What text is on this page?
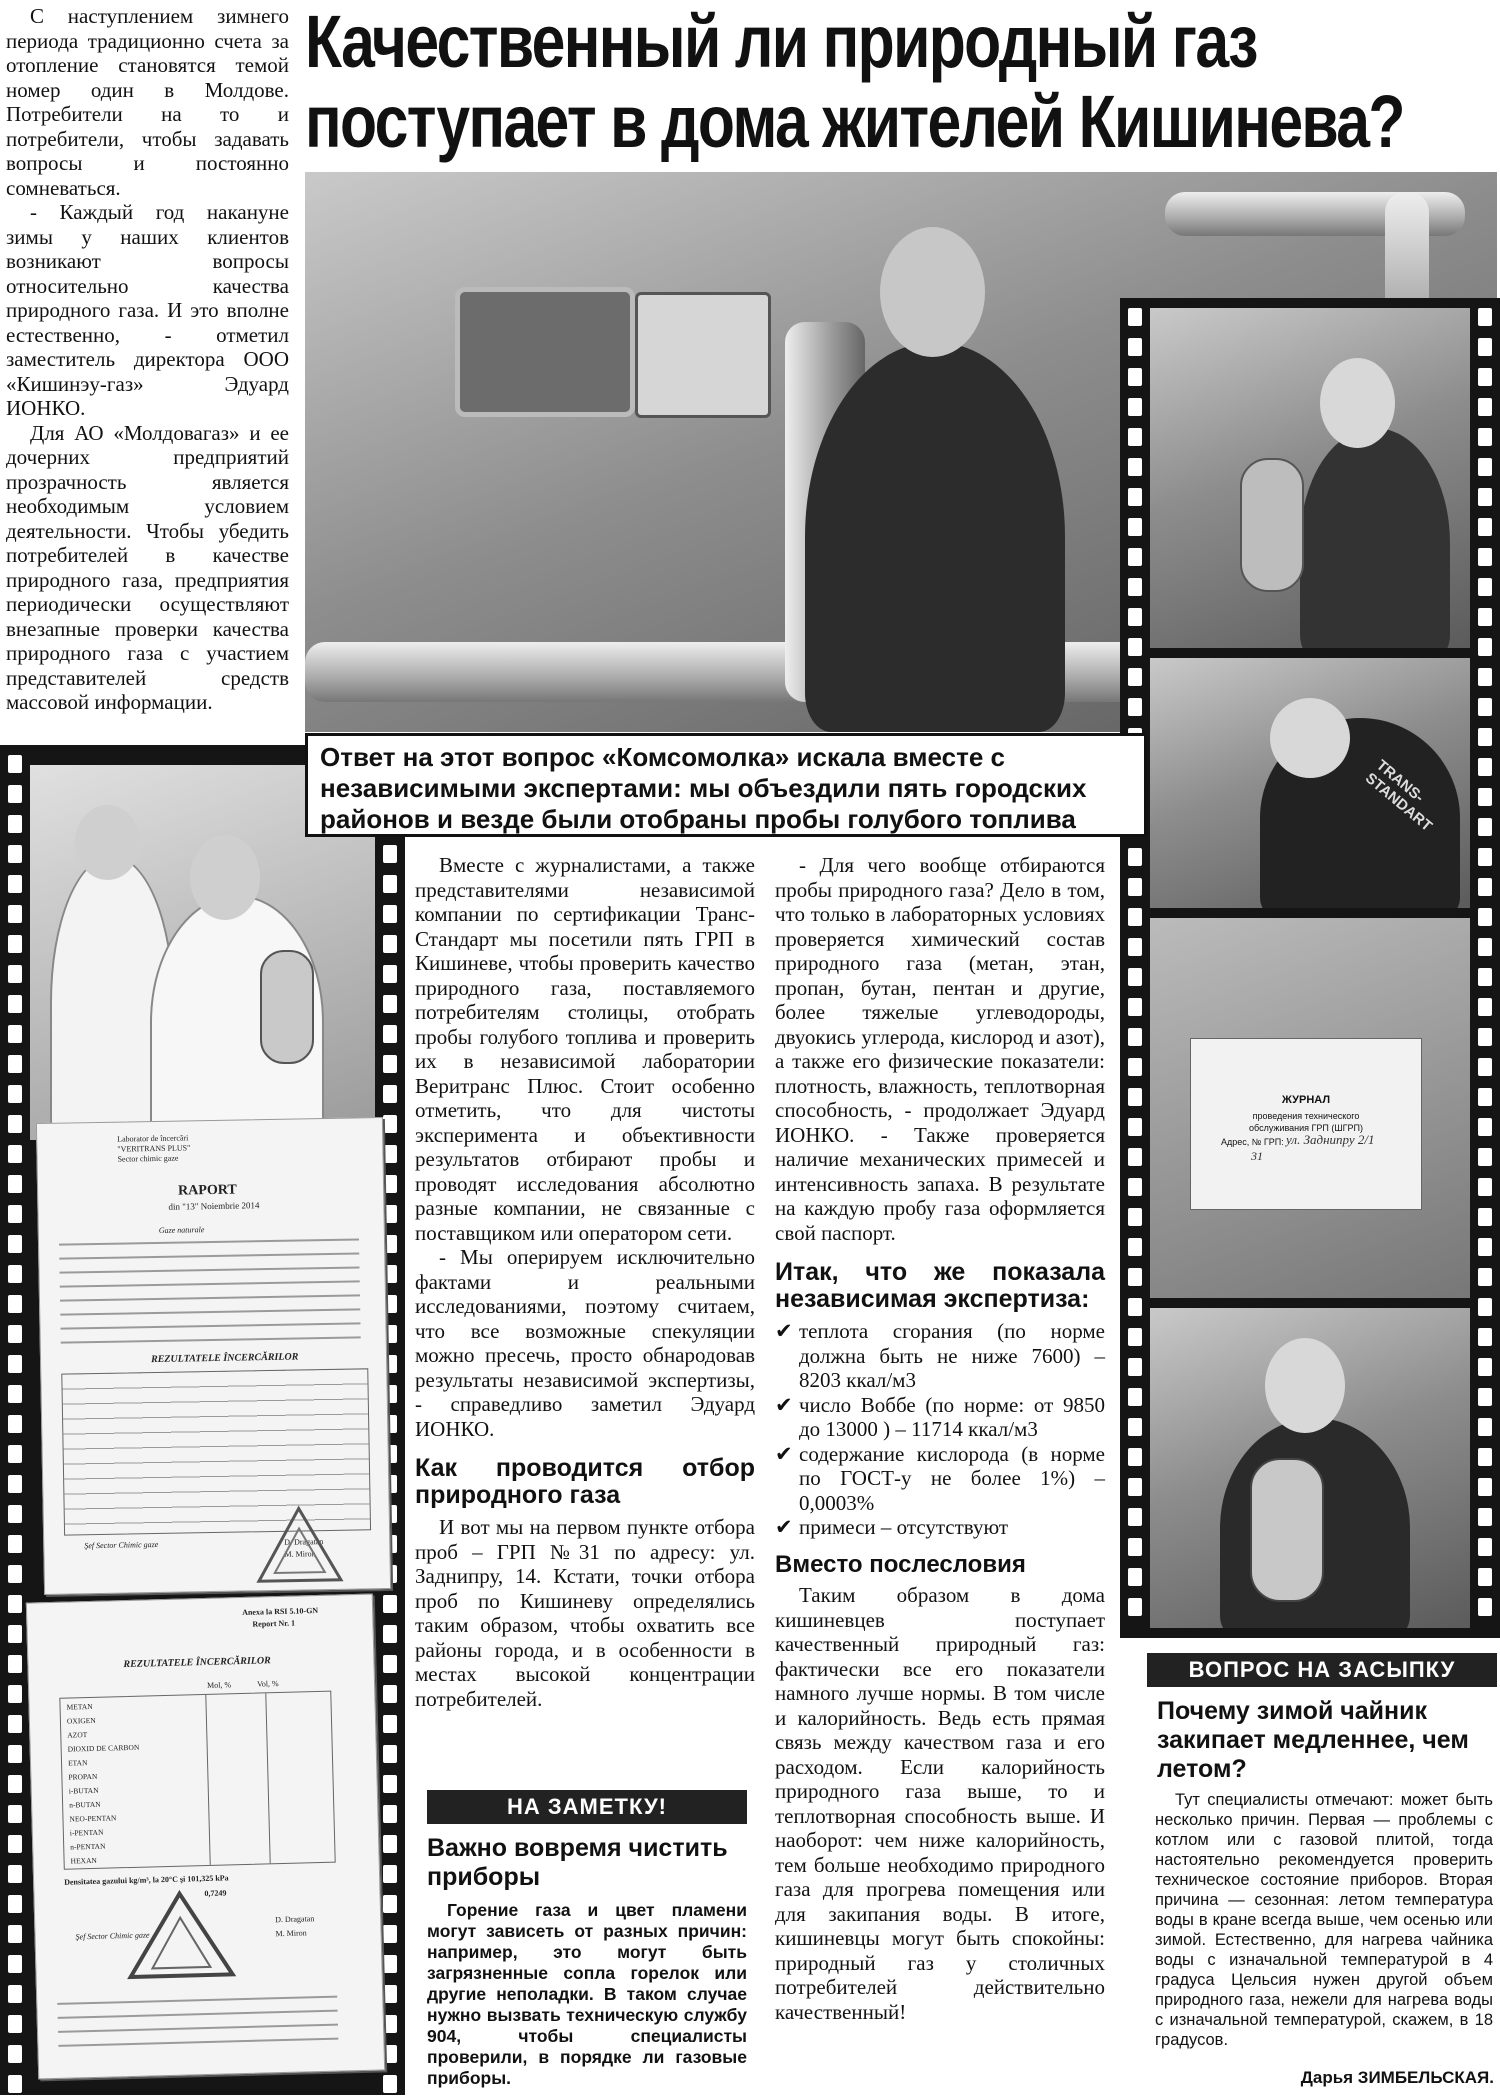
Качественный ли природный газ
поступает в дома жителей Кишинева?

С наступлением зимнего периода традиционно счета за отопление становятся темой номер один в Молдове. Потребители на то и потребители, чтобы задавать вопросы и постоянно сомневаться.

- Каждый год накануне зимы у наших клиентов возникают вопросы относительно качества природного газа. И это вполне естественно, - отметил заместитель директора ООО «Кишинэу-газ» Эдуард ИОНКО.

Для АО «Молдовагаз» и ее дочерних предприятий прозрачность является необходимым условием деятельности. Чтобы убедить потребителей в качестве природного газа, предприятия периодически осуществляют внезапные проверки качества природного газа с участием представителей средств массовой информации.

TRANS-STANDART
ЖУРНАЛ
проведения технического
обслуживания ГРП (ШГРП)
Адрес, № ГРП: ул. Заднипру 2/1
31
Laborator de încercări
"VERITRANS PLUS"
Sector chimic gaze
RAPORT
din "13" Noiembrie 2014
Gaze naturale
REZULTATELE ÎNCERCĂRILOR
Şef Sector Chimic gaze	D. Dragatan
M. Miron
Anexa la RSI 5.10-GN
Report Nr. 1
REZULTATELE ÎNCERCĂRILOR
Mol, %	Vol, %
METAN
OXIGEN
AZOT
DIOXID DE CARBON
ETAN
PROPAN
i-BUTAN
n-BUTAN
NEO-PENTAN
i-PENTAN
n-PENTAN
HEXAN
Densitatea gazului kg/m³, la 20°C şi 101,325 kPa
0,7249
Şef Sector Chimic gaze
D. Dragatan
M. Miron
Ответ на этот вопрос «Комсомолка» искала вместе с независимыми экспертами: мы объездили пять городских районов и везде были отобраны пробы голубого топлива

Вместе с журналистами, а также представителями независимой компании по сертификации Транс-Стандарт мы посетили пять ГРП в Кишиневе, чтобы проверить качество природного газа, поставляемого потребителям столицы, отобрать пробы голубого топлива и проверить их в независимой лаборатории Веритранс Плюс. Стоит особенно отметить, что для чистоты эксперимента и объективности результатов отбирают пробы и проводят исследования абсолютно разные компании, не связанные с поставщиком или оператором сети.

- Мы оперируем исключительно фактами и реальными исследованиями, поэтому считаем, что все возможные спекуляции можно пресечь, просто обнародовав результаты независимой экспертизы, - справедливо заметил Эдуард ИОНКО.

Как проводится отбор природного газа

И вот мы на первом пункте отбора проб – ГРП №31 по адресу: ул. Заднипру, 14. Кстати, точки отбора проб по Кишиневу определялись таким образом, чтобы охватить все районы города, и в особенности в местах высокой концентрации потребителей.

НА ЗАМЕТКУ!
Важно вовремя чистить приборы
Горение газа и цвет пламени могут зависеть от разных причин: например, это могут быть загрязненные сопла горелок или другие неполадки. В таком случае нужно вызвать техническую службу 904, чтобы специалисты проверили, в порядке ли газовые приборы.

- Для чего вообще отбираются пробы природного газа? Дело в том, что только в лабораторных условиях проверяется химический состав природного газа (метан, этан, пропан, бутан, пентан и другие, более тяжелые углеводороды, двуокись углерода, кислород и азот), а также его физические показатели: плотность, влажность, теплотворная способность, - продолжает Эдуард ИОНКО. - Также проверяется наличие механических примесей и интенсивность запаха. В результате на каждую пробу газа оформляется свой паспорт.

Итак, что же показала независимая экспертиза:
✔ теплота сгорания (по норме должна быть не ниже 7600) – 8203 ккал/м3
✔ число Воббе (по норме: от 9850 до 13000 ) – 11714 ккал/м3
✔ содержание кислорода (в норме по ГОСТ-у не более 1%) – 0,0003%
✔ примеси – отсутствуют
Вместо послесловия

Таким образом в дома кишиневцев поступает качественный природный газ: фактически все его показатели намного лучше нормы. В том числе и калорийность. Ведь есть прямая связь между качеством газа и его расходом. Если калорийность природного газа выше, то и теплотворная способность выше. И наоборот: чем ниже калорийность, тем больше необходимо природного газа для прогрева помещения или для закипания воды. В итоге, кишиневцы могут быть спокойны: природный газ у столичных потребителей действительно качественный!

ВОПРОС НА ЗАСЫПКУ
Почему зимой чайник закипает медленнее, чем летом?
Тут специалисты отмечают: может быть несколько причин. Первая — проблемы с котлом или с газовой плитой, тогда настоятельно рекомендуется проверить техническое состояние приборов. Вторая причина — сезонная: летом температура воды в кране всегда выше, чем осенью или зимой. Естественно, для нагрева чайника воды с изначальной температурой в 4 градуса Цельсия нужен другой объем природного газа, нежели для нагрева воды с изначальной температурой, скажем, в 18 градусов.
Дарья ЗИМБЕЛЬСКАЯ.
